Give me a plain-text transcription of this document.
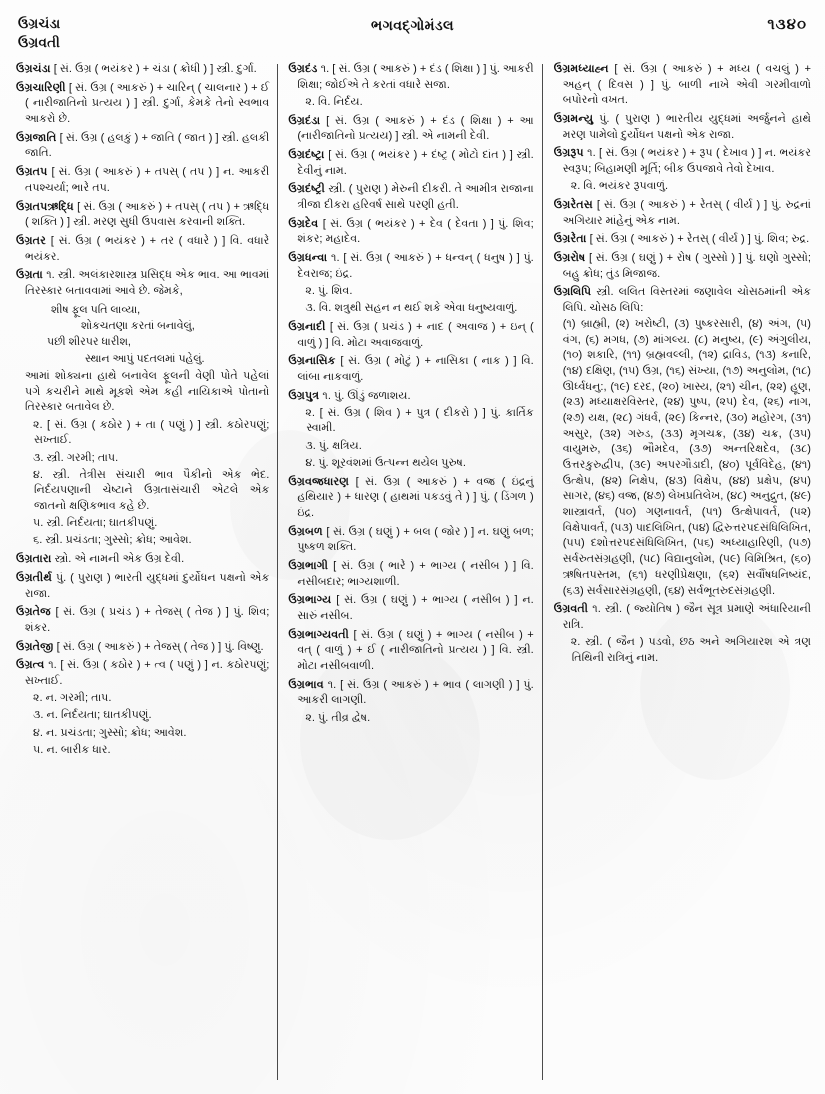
ઉગ્રચંડા
ઉગ્રવતી
ભગવદ્ગોમંડલ	૧૩૪૦
ઉગ્રચંડા [ સં. ઉગ્ર ( ભયંકર ) + ચંડા ( ક્રોધી ) ] સ્ત્રી. દુર્ગા.
ઉગ્રચારિણી [ સં. ઉગ્ર ( આકરું ) + ચારિન્ ( ચાલનાર ) + ઈ ( નારીજાતિનો પ્રત્યય ) ] સ્ત્રી. દુર્ગા, કેમકે તેનો સ્વભાવ આકરો છે.
ઉગ્રજાતિ [ સં. ઉગ્ર ( હલકું ) + જાતિ ( જાત ) ] સ્ત્રી. હલકી જાતિ.
ઉગ્રતપ [ સં. ઉગ્ર ( આકરું ) + તપસ્ ( તપ ) ] ન. આકરી તપશ્ચર્યા; ભારે તપ.
ઉગ્રતપઋદ્ધિ [ સં. ઉગ્ર ( આકરું ) + તપસ્ ( તપ ) + ઋદ્ધિ ( શક્તિ ) ] સ્ત્રી. મરણ સુધી ઉપવાસ કરવાની શક્તિ.
ઉગ્રતર [ સં. ઉગ્ર ( ભયંકર ) + તર ( વધારે ) ] વિ. વધારે ભયંકર.
ઉગ્રતા ૧. સ્ત્રી. અલંકારશાસ્ત્ર પ્રસિદ્ધ એક ભાવ. આ ભાવમાં તિરસ્કાર બતાવવામાં આવે છે. જેમકે,
શીષ ફૂલ પતિ લાવ્યા,
શોકચતણા કરતાં બનાવેલું,
પછી શીરપર ધારીશ,
સ્થાન આપું પદતલમાં પહેલું.
આમાં શોક્યના હાથે બનાવેલ ફૂલની વેણી પોતે પહેલાં પગે કચરીને માથે મૂકશે એમ કહી નાયિકાએ પોતાનો તિરસ્કાર બતાવેલ છે.
૨. [ સં. ઉગ્ર ( કઠોર ) + તા ( પણું ) ] સ્ત્રી. કઠોરપણું; સખ્તાઈ.
૩. સ્ત્રી. ગરમી; તાપ.
૪. સ્ત્રી. તેત્રીસ સંચારી ભાવ પૈકીનો એક ભેદ. નિર્દયપણાની ચેષ્ટાને ઉગ્રતાસંચારી એટલે એક જાતનો ક્ષણિકભાવ કહે છે.
૫. સ્ત્રી. નિર્દયતા; ઘાતકીપણું.
૬. સ્ત્રી. પ્રચંડતા; ગુસ્સો; ક્રોધ; આવેશ.
ઉગ્રતારા સ્ત્રો. એ નામની એક ઉગ્ર દેવી.
ઉગ્રતીર્થ પું. ( પુરાણ ) ભારતી યુદ્ધમાં દુર્યોધન પક્ષનો એક રાજા.
ઉગ્રતેજ [ સં. ઉગ્ર ( પ્રચંડ ) + તેજસ્ ( તેજ ) ] પું. શિવ; શંકર.
ઉગ્રતેજી [ સં. ઉગ્ર ( આકરું ) + તેજસ્ ( તેજ ) ] પું. વિષ્ણુ.
ઉગ્રત્વ ૧. [ સં. ઉગ્ર ( કઠોર ) + ત્વ ( પણું ) ] ન. કઠોરપણું; સખ્તાઈ.
૨. ન. ગરમી; તાપ.
૩. ન. નિર્દયતા; ઘાતકીપણું.
૪. ન. પ્રચંડતા; ગુસ્સો; ક્રોધ; આવેશ.
૫. ન. બારીક ધાર.
ઉગ્રદંડ ૧. [ સં. ઉગ્ર ( આકરું ) + દંડ ( શિક્ષા ) ] પું. આકરી શિક્ષા; જોઈએ તે કરતાં વધારે સજા.
૨. વિ. નિર્દય.
ઉગ્રદંડા [ સં. ઉગ્ર ( આકરું ) + દંડ ( શિક્ષા ) + આ (નારીજાતિનો પ્રત્યય) ] સ્ત્રી. એ નામની દેવી.
ઉગ્રદંષ્ટ્રા [ સં. ઉગ્ર ( ભયંકર ) + દંષ્ટ્ર ( મોટો દાંત ) ] સ્ત્રી. દેવીનું નામ.
ઉગ્રદંષ્ટ્રી સ્ત્રી. ( પુરાણ ) મેરુની દીકરી. તે આમીત્ર રાજાના ત્રીજા દીકરા હરિવર્ષ સાથે પરણી હતી.
ઉગ્રદેવ [ સં. ઉગ્ર ( ભયંકર ) + દેવ ( દેવતા ) ] પું. શિવ; શંકર; મહાદેવ.
ઉગ્રધન્વા ૧. [ સં. ઉગ્ર ( આકરું ) + ધન્વન્ ( ધનુષ ) ] પું. દેવરાજ; ઇંદ્ર.
૨. પું. શિવ.
૩. વિ. શત્રુથી સહન ન થઈ શકે એવા ધનુષ્યવાળું.
ઉગ્રનાદી [ સં. ઉગ્ર ( પ્રચંડ ) + નાદ ( અવાજ ) + ઇન્ ( વાળું ) ] વિ. મોટા અવાજવાળું.
ઉગ્રનાસિક [ સં. ઉગ્ર ( મોટું ) + નાસિકા ( નાક ) ] વિ. લાંબા નાકવાળું.
ઉગ્રપુત્ર ૧. પું. ઊંડું જળાશય.
૨. [ સં. ઉગ્ર ( શિવ ) + પુત્ર ( દીકરો ) ] પું. કાર્તિક સ્વામી.
૩. પું. ક્ષત્રિય.
૪. પું. શૂરવંશમાં ઉત્પન્ન થયેલ પુરુષ.
ઉગ્રવજ્રધારણ [ સં. ઉગ્ર ( આકરું ) + વજ્ર ( ઇંદ્રનું હથિયાર ) + ધારણ ( હાથમાં પકડવું તે ) ] પું. ( ડિંગળ ) ઇંદ્ર.
ઉગ્રબળ [ સં. ઉગ્ર ( ઘણું ) + બલ ( જોર ) ] ન. ઘણું બળ; પુષ્કળ શક્તિ.
ઉગ્રભાગી [ સં. ઉગ્ર ( ભારે ) + ભાગ્ય ( નસીબ ) ] વિ. નસીબદાર; ભાગ્યશાળી.
ઉગ્રભાગ્ય [ સં. ઉગ્ર ( ઘણું ) + ભાગ્ય ( નસીબ ) ] ન. સારું નસીબ.
ઉગ્રભાગ્યવતી [ સં. ઉગ્ર ( ઘણું ) + ભાગ્ય ( નસીબ ) + વત્ ( વાળું ) + ઈ ( નારીજાતિનો પ્રત્યય ) ] વિ. સ્ત્રી. મોટા નસીબવાળી.
ઉગ્રભાવ ૧. [ સં. ઉગ્ર ( આકરું ) + ભાવ ( લાગણી ) ] પું. આકરી લાગણી.
૨. પું. તીવ્ર દ્વેષ.
ઉગ્રમધ્યાહ્ન [ સં. ઉગ્ર ( આકરું ) + મધ્ય ( વચલું ) + અહન્ ( દિવસ ) ] પું. બાળી નાખે એવી ગરમીવાળો બપોરનો વખત.
ઉગ્રમન્યુ પું. ( પુરાણ ) ભારતીય યુદ્ધમાં અર્જુનને હાથે મરણ પામેલો દુર્યોધન પક્ષનો એક રાજા.
ઉગ્રરૂપ ૧. [ સં. ઉગ્ર ( ભયંકર ) + રૂપ ( દેખાવ ) ] ન. ભયંકર સ્વરૂપ; બિહામણી મૂર્તિ; બીક ઉપજાવે તેવો દેખાવ.
૨. વિ. ભયંકર રૂપવાળું.
ઉગ્રરેતસ [ સં. ઉગ્ર ( આકરું ) + રેતસ્ ( વીર્ય ) ] પું. રુદ્રનાં અગિયાર માંહેનું એક નામ.
ઉગ્રરેતા [ સં. ઉગ્ર ( આકરું ) + રેતસ્ ( વીર્ય ) ] પું. શિવ; રુદ્ર.
ઉગ્રરોષ [ સં. ઉગ્ર ( ઘણું ) + રોષ ( ગુસ્સો ) ] પું. ઘણો ગુસ્સો; બહુ ક્રોધ; તુંડ મિજાજ.
ઉગ્રલિપિ સ્ત્રી. લલિત વિસ્તરમાં જણાવેલ ચોસઠમાંની એક લિપિ. ચોસઠ લિપિ:
(૧) બ્રાહ્મી, (૨) ખરોષ્ટી, (૩) પુષ્કરસારી, (૪) અંગ, (૫) વંગ, (૬) મગધ, (૭) માંગલ્ય. (૮) મનુષ્ય, (૯) અંગુલીય, (૧૦) શકારિ, (૧૧) બ્રહ્મવલ્લી, (૧૨) દ્રાવિડ, (૧૩) કનારિ, (૧૪) દક્ષિણ, (૧૫) ઉગ્ર, (૧૬) સંખ્યા, (૧૭) અનુલોમ, (૧૮) ઊર્ધ્વધનુ:, (૧૯) દરદ, (૨૦) ખાસ્ય, (૨૧) ચીન, (૨૨) હૂણ, (૨૩) મધ્યાક્ષરવિસ્તર, (૨૪) પુષ્પ, (૨૫) દેવ, (૨૬) નાગ, (૨૭) યક્ષ, (૨૮) ગંધર્વ, (૨૯) કિન્નર, (૩૦) મહોરગ, (૩૧) અસુર, (૩૨) ગરુડ, (૩૩) મૃગચક્ર, (૩૪) ચક્ર, (૩૫) વાયુમરુ, (૩૬) ભૌમદેવ, (૩૭) અન્તરિક્ષદેવ, (૩૮) ઉત્તરકુરુદ્વીપ, (૩૯) અપરગૌડાદી, (૪૦) પૂર્વવિદેહ, (૪૧) ઉત્ક્ષેપ, (૪૨) નિક્ષેપ, (૪૩) વિક્ષેપ, (૪૪) પ્રક્ષેપ, (૪૫) સાગર, (૪૬) વજ્ર, (૪૭) લેખપ્રતિલેખ, (૪૮) અનુદ્રુત, (૪૯) શાસ્ત્રાવર્ત, (૫૦) ગણનાવર્ત, (૫૧) ઉત્ક્ષેપાવર્ત, (૫૨) વિક્ષેપાવર્ત, (૫૩) પાદલિખિત, (૫૪) દ્વિરુત્તરપદસંધિલિખિત, (૫૫) દશોત્તરપદસંધિલિખિત, (૫૬) અધ્યાહારિણી, (૫૭) સર્વરુતસંગ્રહણી, (૫૮) વિદ્યાનુલોમ, (૫૯) વિમિશ્રિત, (૬૦) ઋષિતપસ્તમ, (૬૧) ધરણીપ્રેક્ષણા, (૬૨) સર્વૌષધનિષ્યંદ, (૬૩) સર્વસારસંગ્રહણી, (૬૪) સર્વભૂતરુદસંગ્રહણી.
ઉગ્રવતી ૧. સ્ત્રી. ( જ્યોતિષ ) જૈન સૂત્ર પ્રમાણે અંધારિયાની રાત્રિ.
૨. સ્ત્રી. ( જૈન ) પડવો, છઠ અને અગિયારશ એ ત્રણ તિથિની રાત્રિનું નામ.
